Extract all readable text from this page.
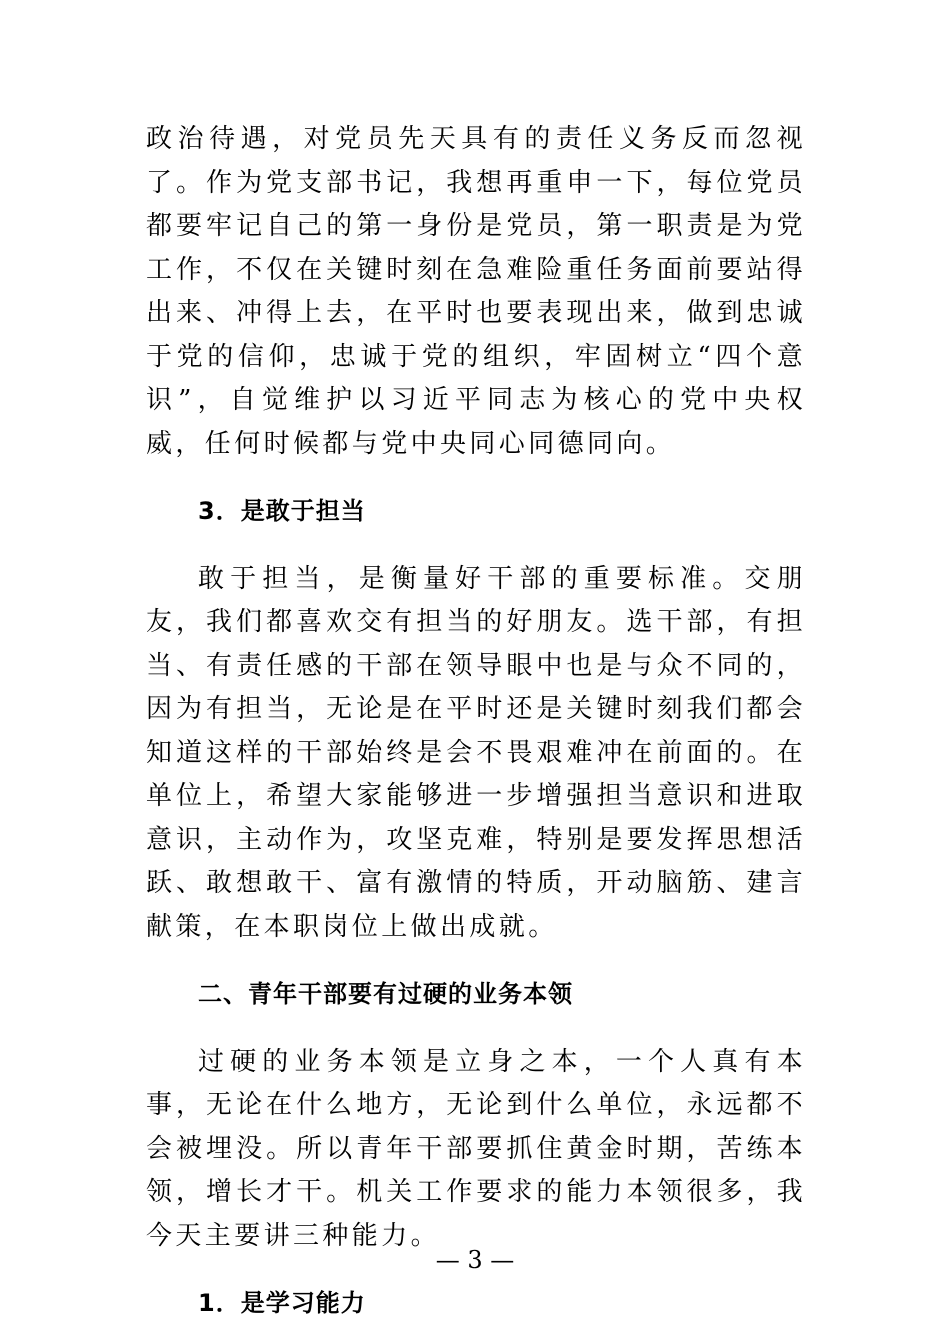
政治待遇，对党员先天具有的责任义务反而忽视了。作为党支部书记，我想再重申一下，每位党员都要牢记自己的第一身份是党员，第一职责是为党工作，不仅在关键时刻在急难险重任务面前要站得出来、冲得上去，在平时也要表现出来，做到忠诚于党的信仰，忠诚于党的组织，牢固树立“四个意识”，自觉维护以习近平同志为核心的党中央权威，任何时候都与党中央同心同德同向。

3．是敢于担当

敢于担当，是衡量好干部的重要标准。交朋友，我们都喜欢交有担当的好朋友。选干部，有担当、有责任感的干部在领导眼中也是与众不同的，因为有担当，无论是在平时还是关键时刻我们都会知道这样的干部始终是会不畏艰难冲在前面的。在单位上，希望大家能够进一步增强担当意识和进取意识，主动作为，攻坚克难，特别是要发挥思想活跃、敢想敢干、富有激情的特质，开动脑筋、建言献策，在本职岗位上做出成就。

二、青年干部要有过硬的业务本领

过硬的业务本领是立身之本，一个人真有本事，无论在什么地方，无论到什么单位，永远都不会被埋没。所以青年干部要抓住黄金时期，苦练本领，增长才干。机关工作要求的能力本领很多，我今天主要讲三种能力。

1．是学习能力
— 3 —
